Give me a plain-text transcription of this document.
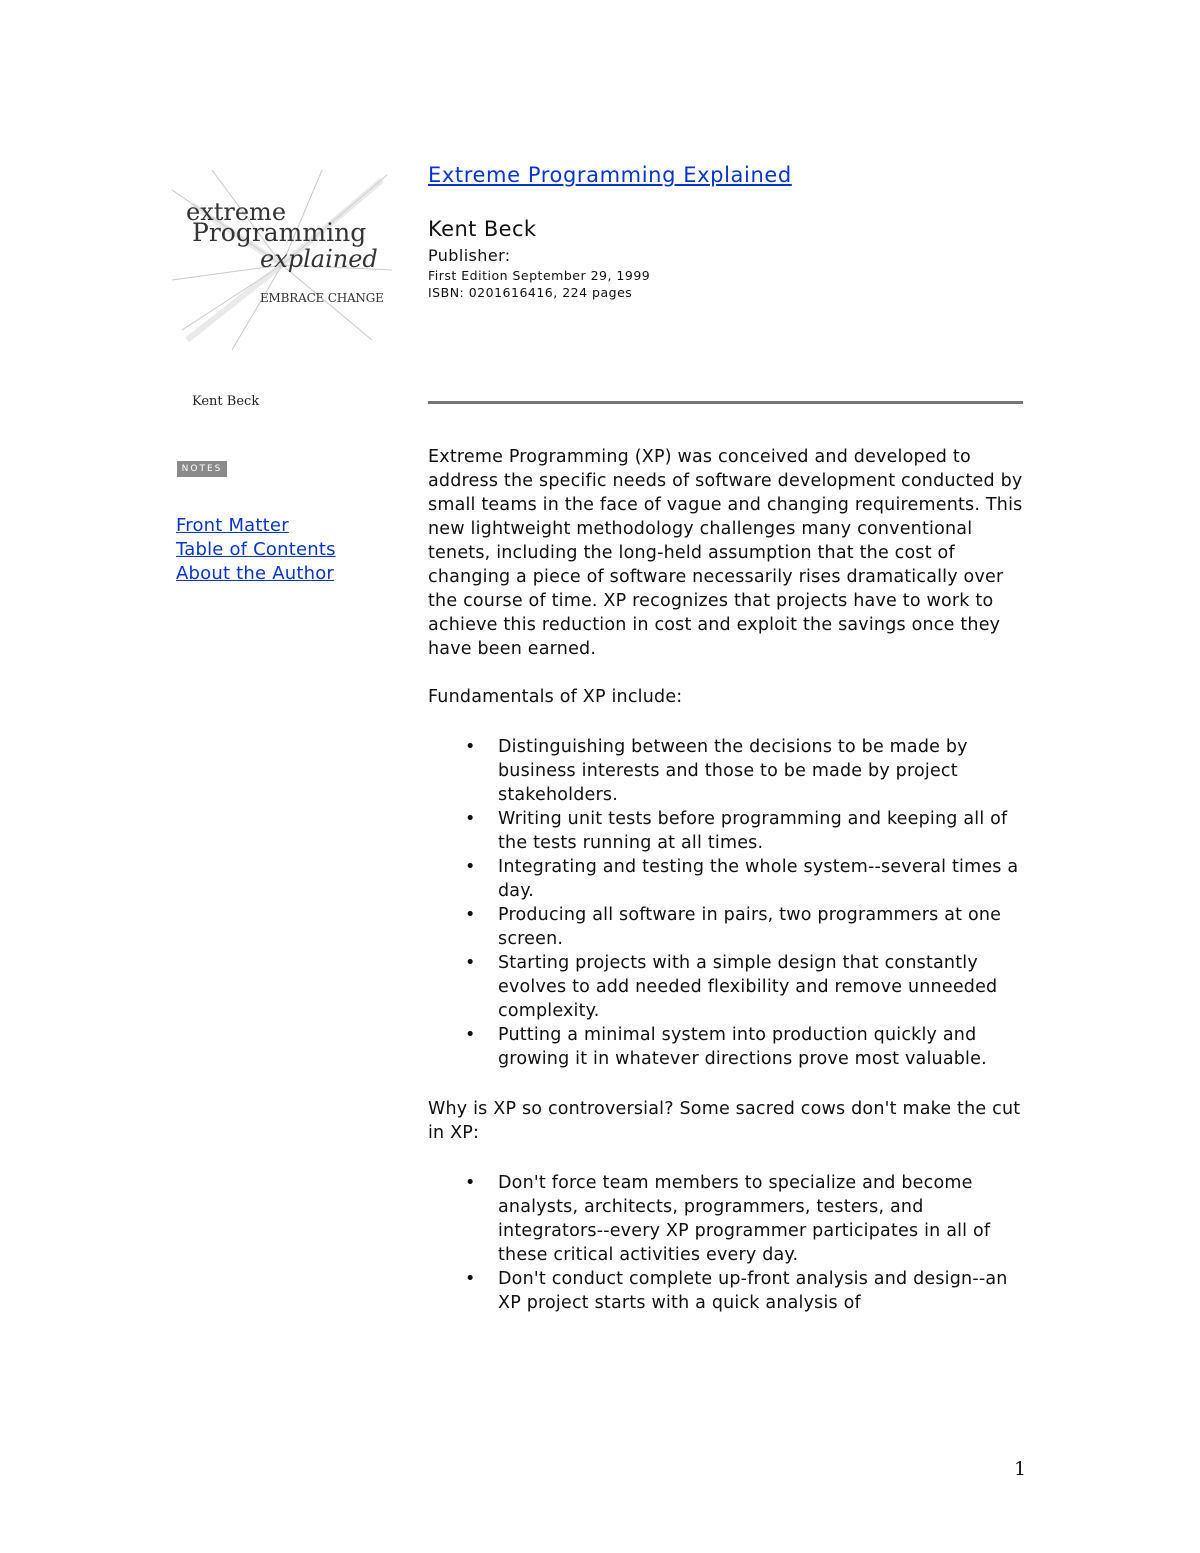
extreme
Programming
explained
EMBRACE CHANGE
Kent Beck
NOTES
Front Matter
Table of Contents
About the Author
Extreme Programming Explained
Kent Beck
Publisher:
First Edition September 29, 1999
ISBN: 0201616416, 224 pages

Extreme Programming (XP) was conceived and developed to address the specific needs of software development conducted by small teams in the face of vague and changing requirements. This new lightweight methodology challenges many conventional tenets, including the long-held assumption that the cost of changing a piece of software necessarily rises dramatically over the course of time. XP recognizes that projects have to work to achieve this reduction in cost and exploit the savings once they have been earned.

Fundamentals of XP include:

• Distinguishing between the decisions to be made by business interests and those to be made by project stakeholders.
• Writing unit tests before programming and keeping all of the tests running at all times.
• Integrating and testing the whole system--several times a day.
• Producing all software in pairs, two programmers at one screen.
• Starting projects with a simple design that constantly evolves to add needed flexibility and remove unneeded complexity.
• Putting a minimal system into production quickly and growing it in whatever directions prove most valuable.

Why is XP so controversial? Some sacred cows don't make the cut in XP:

• Don't force team members to specialize and become analysts, architects, programmers, testers, and integrators--every XP programmer participates in all of these critical activities every day.
• Don't conduct complete up-front analysis and design--an XP project starts with a quick analysis of
1
